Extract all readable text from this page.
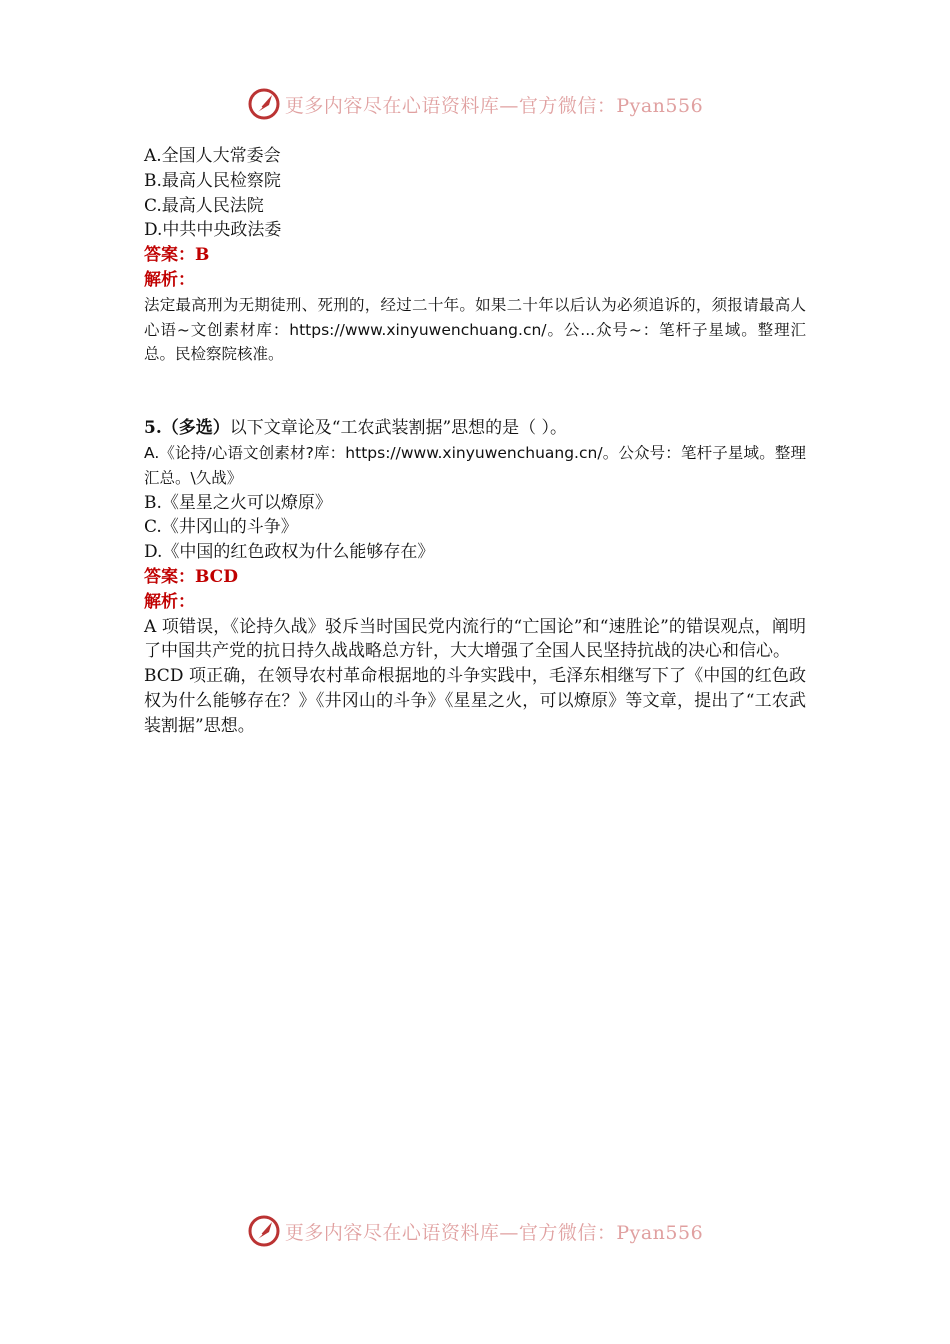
更多内容尽在心语资料库—官方微信：Pyan556
A.全国人大常委会
B.最高人民检察院
C.最高人民法院
D.中共中央政法委
答案：B
解析：
法定最高刑为无期徒刑、死刑的，经过二十年。如果二十年以后认为必须追诉的，须报请最高人心语~文创素材库：https://www.xinyuwenchuang.cn/。公...众号~：笔杆子星域。整理汇总。民检察院核准。
5.（多选）以下文章论及“工农武装割据”思想的是（ ）。
A.《论持/心语文创素材?库：https://www.xinyuwenchuang.cn/。公众号：笔杆子星域。整理汇总。\久战》
B.《星星之火可以燎原》
C.《井冈山的斗争》
D.《中国的红色政权为什么能够存在》
答案：BCD
解析：
A 项错误，《论持久战》驳斥当时国民党内流行的“亡国论”和“速胜论”的错误观点，阐明了中国共产党的抗日持久战战略总方针，大大增强了全国人民坚持抗战的决心和信心。
BCD 项正确，在领导农村革命根据地的斗争实践中，毛泽东相继写下了《中国的红色政权为什么能够存在？》《井冈山的斗争》《星星之火，可以燎原》等文章，提出了“工农武装割据”思想。
更多内容尽在心语资料库—官方微信：Pyan556
